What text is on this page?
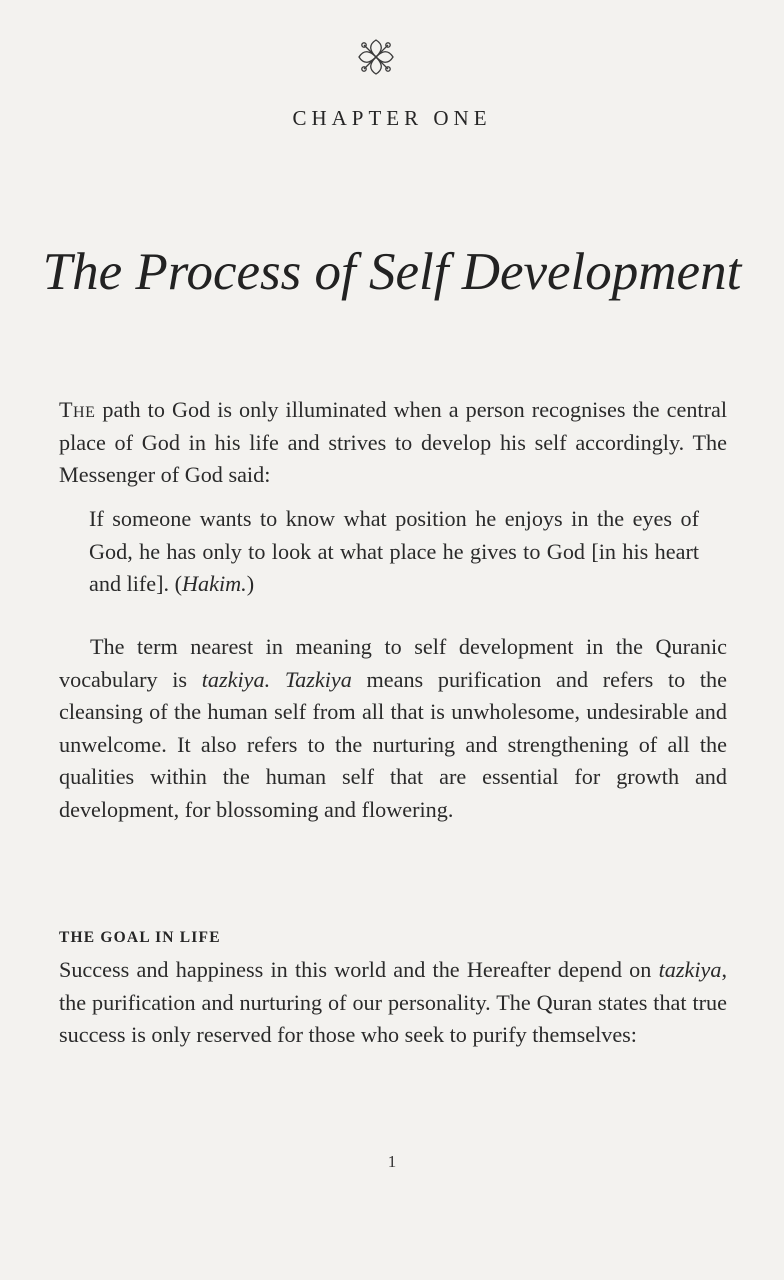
CHAPTER ONE
The Process of Self Development
The path to God is only illuminated when a person recognises the central place of God in his life and strives to develop his self accordingly. The Messenger of God said:
If someone wants to know what position he enjoys in the eyes of God, he has only to look at what place he gives to God [in his heart and life]. (Hakim.)
The term nearest in meaning to self development in the Quranic vocabulary is tazkiya. Tazkiya means purification and refers to the cleansing of the human self from all that is unwholesome, undesirable and unwelcome. It also refers to the nurturing and strengthening of all the qualities within the human self that are essential for growth and development, for blossoming and flowering.
THE GOAL IN LIFE
Success and happiness in this world and the Hereafter depend on tazkiya, the purification and nurturing of our personality. The Quran states that true success is only reserved for those who seek to purify themselves:
1
